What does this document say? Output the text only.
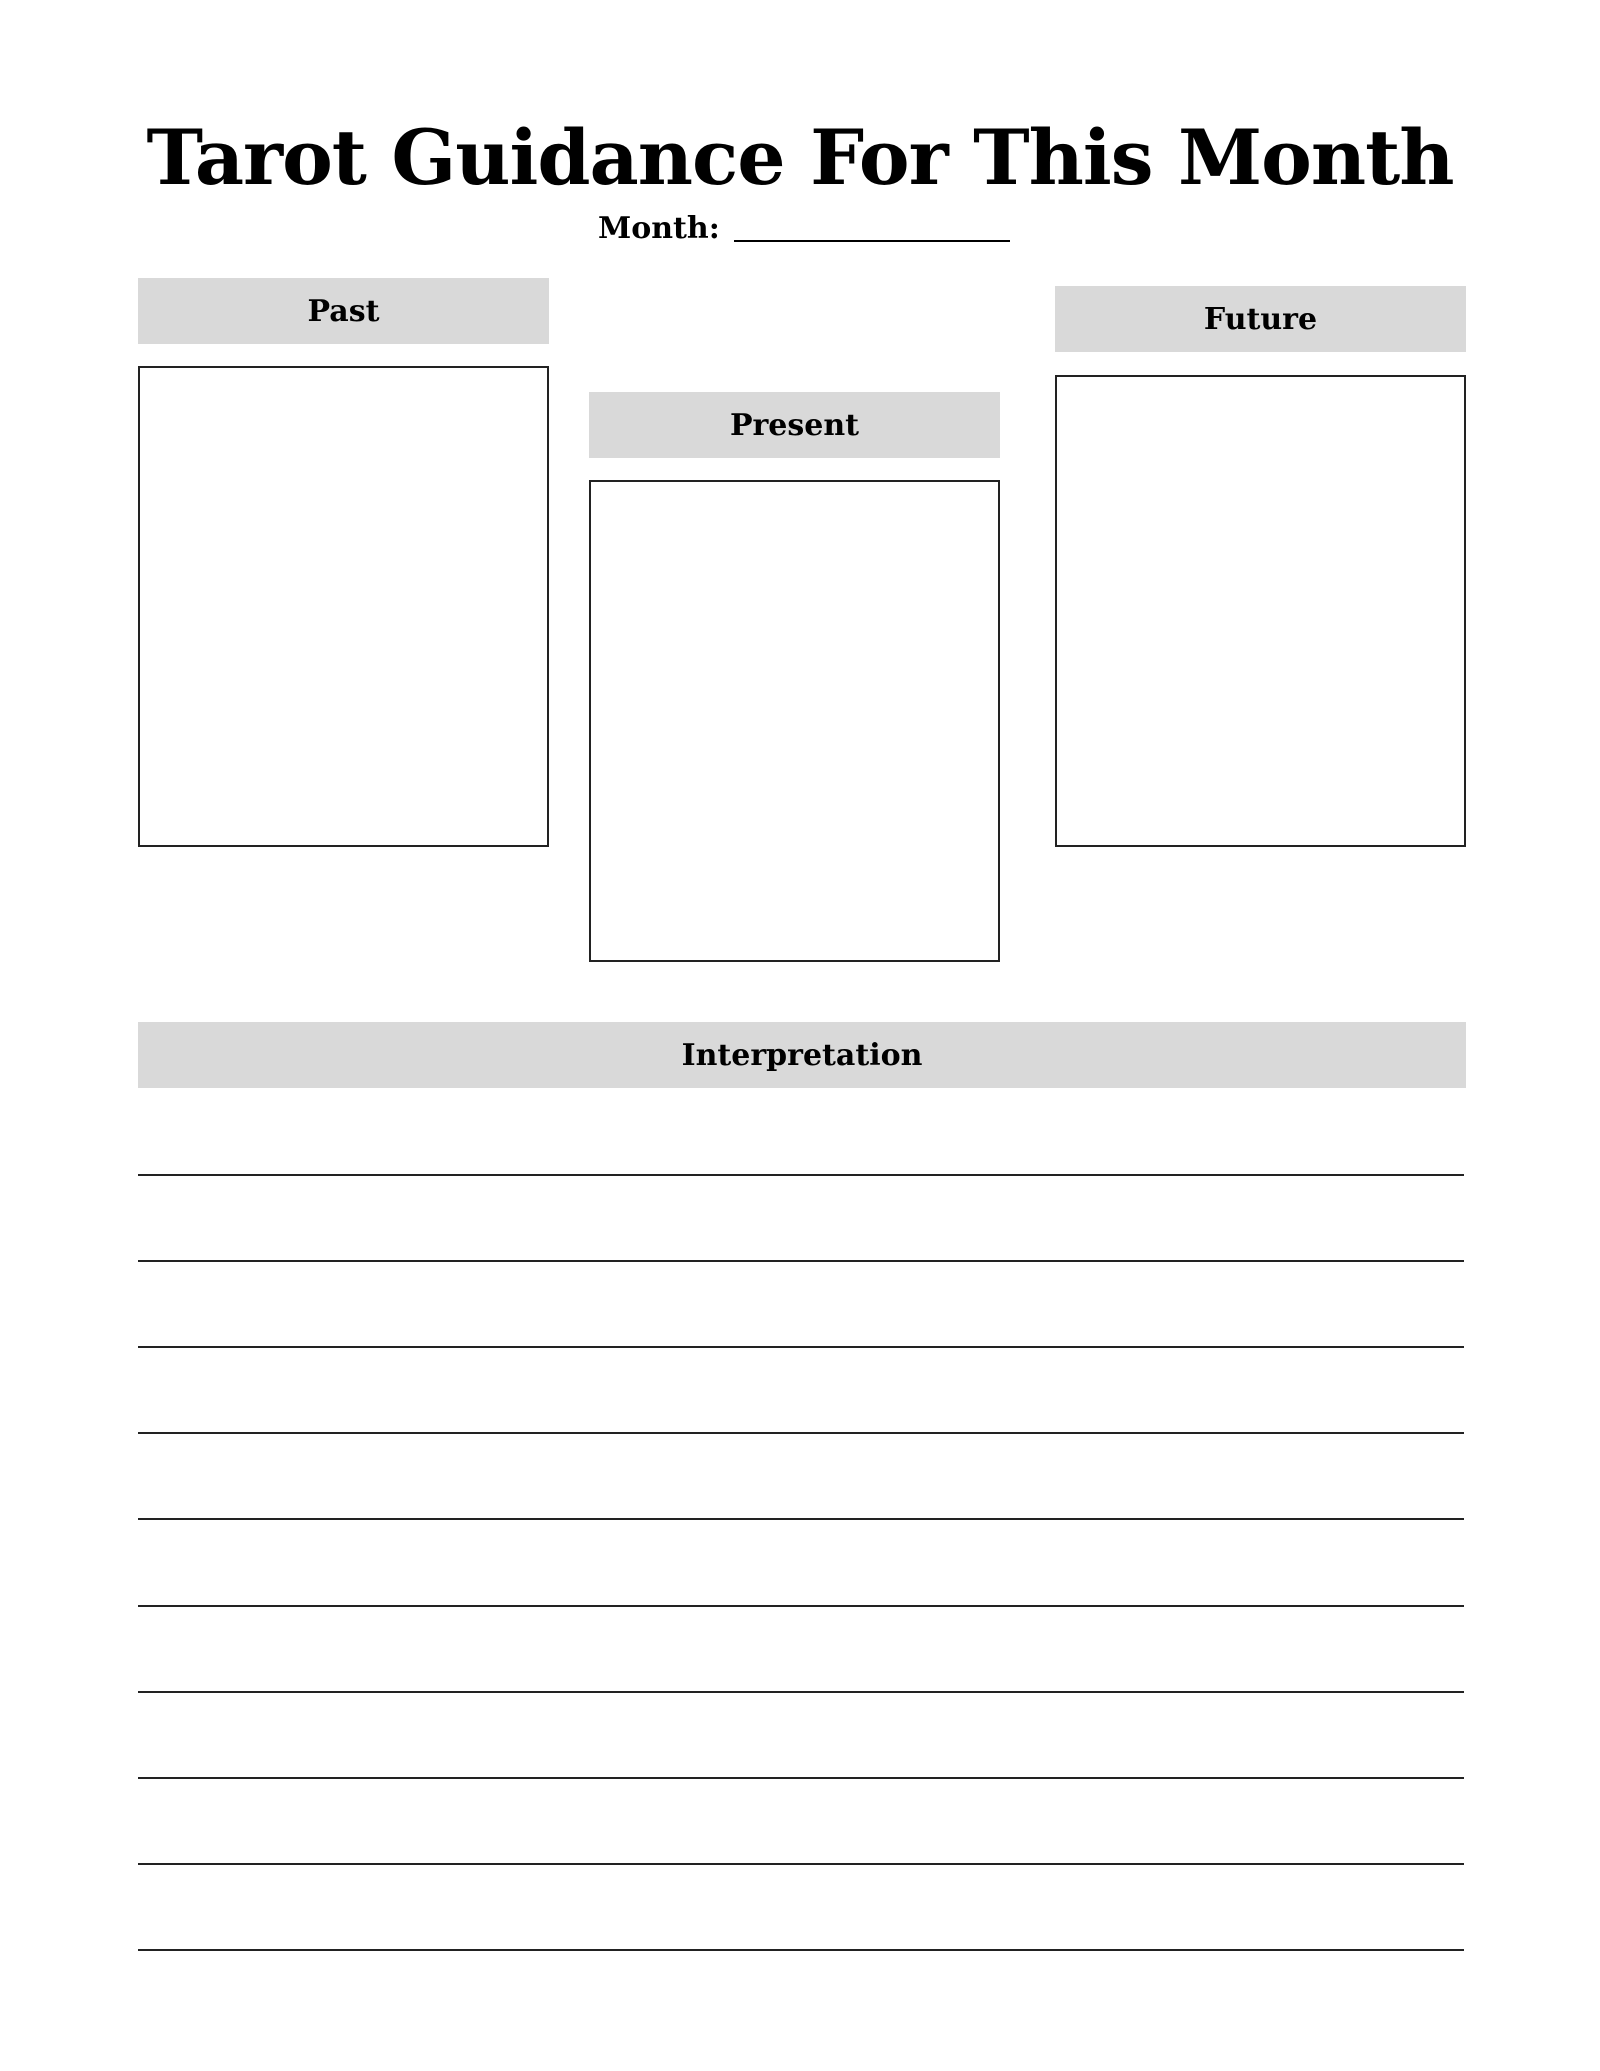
Tarot Guidance For This Month
Month:
Past
Present
Future
Interpretation
